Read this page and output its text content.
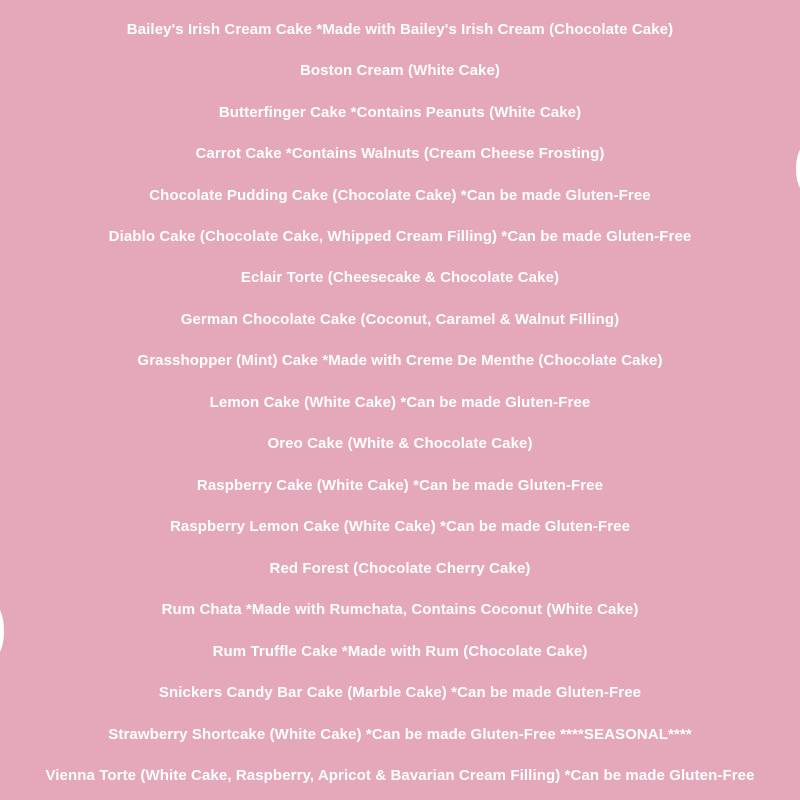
Bailey's Irish Cream Cake *Made with Bailey's Irish Cream (Chocolate Cake)
Boston Cream (White Cake)
Butterfinger Cake *Contains Peanuts (White Cake)
Carrot Cake *Contains Walnuts (Cream Cheese Frosting)
Chocolate Pudding Cake (Chocolate Cake) *Can be made Gluten-Free
Diablo Cake (Chocolate Cake, Whipped Cream Filling) *Can be made Gluten-Free
Eclair Torte (Cheesecake & Chocolate Cake)
German Chocolate Cake (Coconut, Caramel & Walnut Filling)
Grasshopper (Mint) Cake *Made with Creme De Menthe (Chocolate Cake)
Lemon Cake (White Cake) *Can be made Gluten-Free
Oreo Cake (White & Chocolate Cake)
Raspberry Cake (White Cake) *Can be made Gluten-Free
Raspberry Lemon Cake (White Cake) *Can be made Gluten-Free
Red Forest (Chocolate Cherry Cake)
Rum Chata *Made with Rumchata, Contains Coconut (White Cake)
Rum Truffle Cake *Made with Rum (Chocolate Cake)
Snickers Candy Bar Cake (Marble Cake) *Can be made Gluten-Free
Strawberry Shortcake (White Cake) *Can be made Gluten-Free ****SEASONAL****
Vienna Torte (White Cake, Raspberry, Apricot & Bavarian Cream Filling) *Can be made Gluten-Free
